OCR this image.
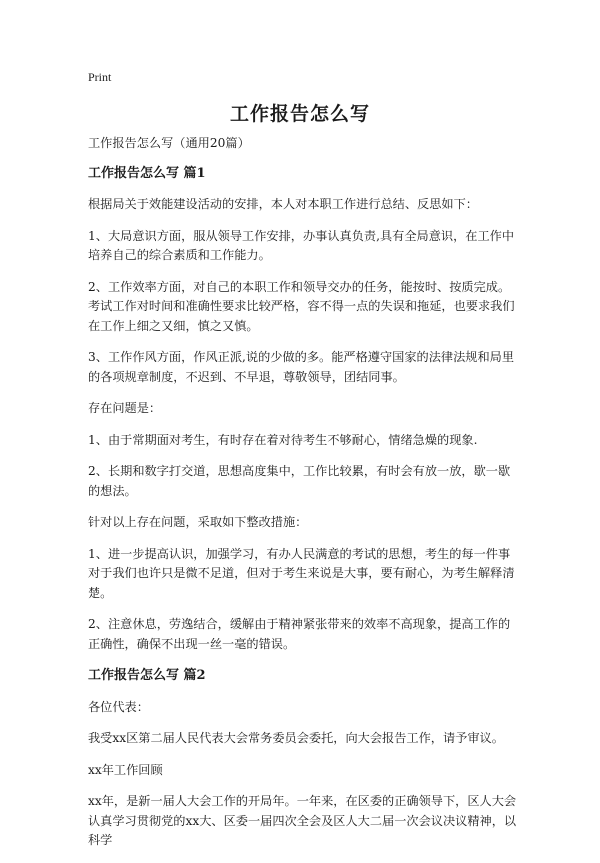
Print
工作报告怎么写

工作报告怎么写（通用20篇）

工作报告怎么写 篇1

根据局关于效能建设活动的安排，本人对本职工作进行总结、反思如下：

1、大局意识方面，服从领导工作安排，办事认真负责,具有全局意识，在工作中培养自己的综合素质和工作能力。

2、工作效率方面，对自己的本职工作和领导交办的任务，能按时、按质完成。考试工作对时间和准确性要求比较严格，容不得一点的失误和拖延，也要求我们在工作上细之又细，慎之又慎。

3、工作作风方面，作风正派,说的少做的多。能严格遵守国家的法律法规和局里的各项规章制度，不迟到、不早退，尊敬领导，团结同事。

存在问题是：

1、由于常期面对考生，有时存在着对待考生不够耐心，情绪急燥的现象.

2、长期和数字打交道，思想高度集中，工作比较累，有时会有放一放，歇一歇的想法。

针对以上存在问题，采取如下整改措施：

1、进一步提高认识，加强学习，有办人民满意的考试的思想，考生的每一件事对于我们也许只是微不足道，但对于考生来说是大事，要有耐心，为考生解释清楚。

2、注意休息，劳逸结合，缓解由于精神紧张带来的效率不高现象，提高工作的正确性，确保不出现一丝一毫的错误。

工作报告怎么写 篇2

各位代表：

我受xx区第二届人民代表大会常务委员会委托，向大会报告工作，请予审议。

xx年工作回顾

xx年，是新一届人大会工作的开局年。一年来，在区委的正确领导下，区人大会认真学习贯彻党的xx大、区委一届四次全会及区人大二届一次会议决议精神，以科学
